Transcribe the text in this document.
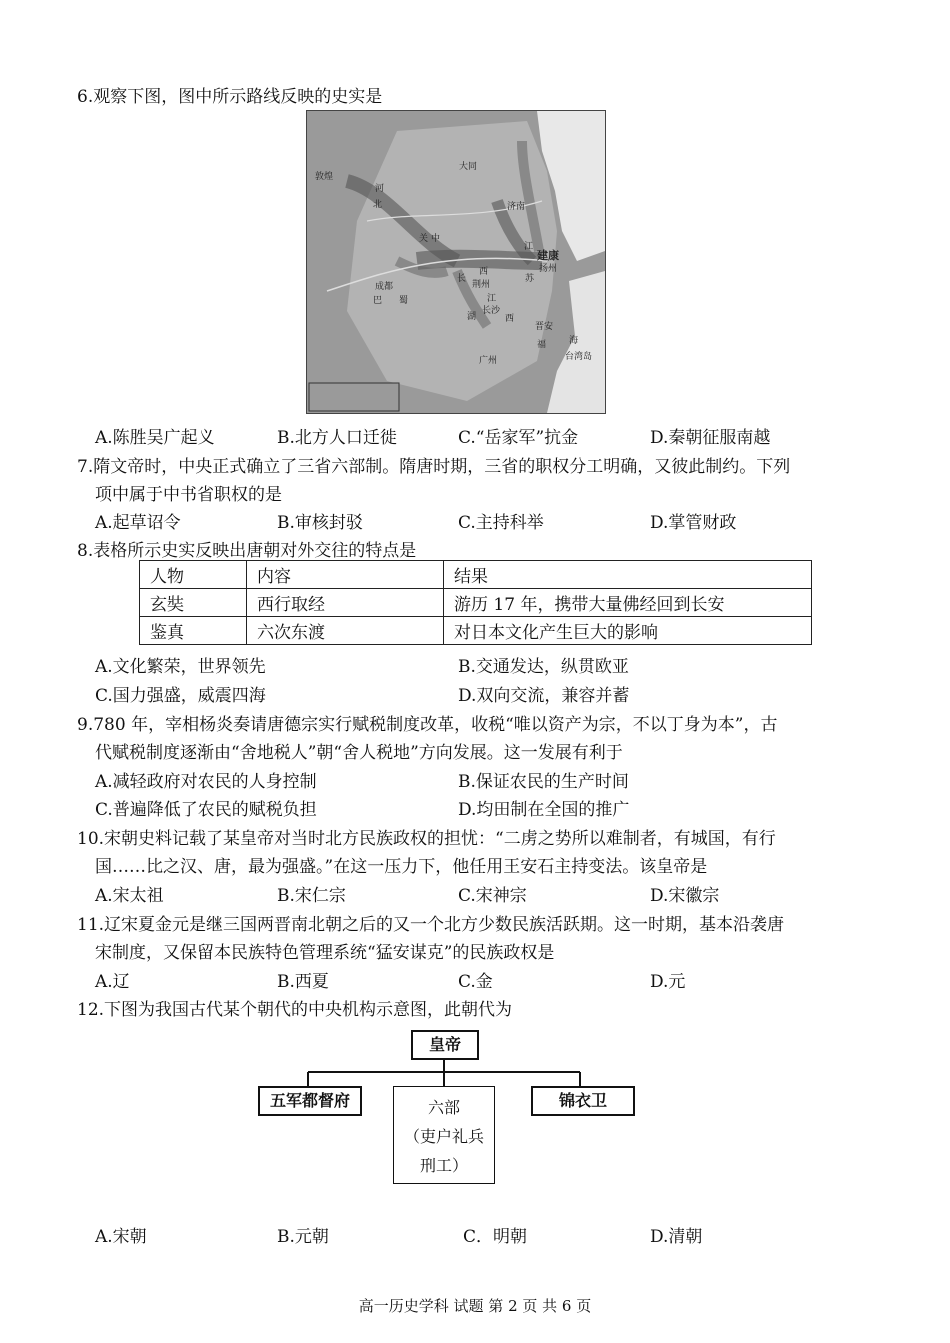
6.观察下图，图中所示路线反映的史实是
敦煌
大同
河
北	济南
关 中
江
建康
扬州
苏
成都
巴 蜀
西
长
荆州
长沙
湖
江
西
晋安
福
广州	台湾岛
海
A.陈胜吴广起义	B.北方人口迁徙	C.“岳家军”抗金	D.秦朝征服南越
7.隋文帝时，中央正式确立了三省六部制。隋唐时期，三省的职权分工明确，又彼此制约。下列
项中属于中书省职权的是
A.起草诏令	B.审核封驳	C.主持科举	D.掌管财政
8.表格所示史实反映出唐朝对外交往的特点是
人物	内容	结果
玄奘	西行取经	游历 17 年，携带大量佛经回到长安
鉴真	六次东渡	对日本文化产生巨大的影响
A.文化繁荣，世界领先	B.交通发达，纵贯欧亚
C.国力强盛，威震四海	D.双向交流，兼容并蓄
9.780 年，宰相杨炎奏请唐德宗实行赋税制度改革，收税“唯以资产为宗，不以丁身为本”，古
代赋税制度逐渐由“舍地税人”朝“舍人税地”方向发展。这一发展有利于
A.减轻政府对农民的人身控制	B.保证农民的生产时间
C.普遍降低了农民的赋税负担	D.均田制在全国的推广
10.宋朝史料记载了某皇帝对当时北方民族政权的担忧：“二虏之势所以难制者，有城国，有行
国……比之汉、唐，最为强盛。”在这一压力下，他任用王安石主持变法。该皇帝是
A.宋太祖	B.宋仁宗	C.宋神宗	D.宋徽宗
11.辽宋夏金元是继三国两晋南北朝之后的又一个北方少数民族活跃期。这一时期，基本沿袭唐
宋制度，又保留本民族特色管理系统“猛安谋克”的民族政权是
A.辽	B.西夏	C.金	D.元
12.下图为我国古代某个朝代的中央机构示意图，此朝代为
皇帝
五军都督府	六部
（吏户礼兵
刑工）
锦衣卫
A.宋朝	B.元朝	C．明朝	D.清朝
高一历史学科 试题 第 2 页 共 6 页
